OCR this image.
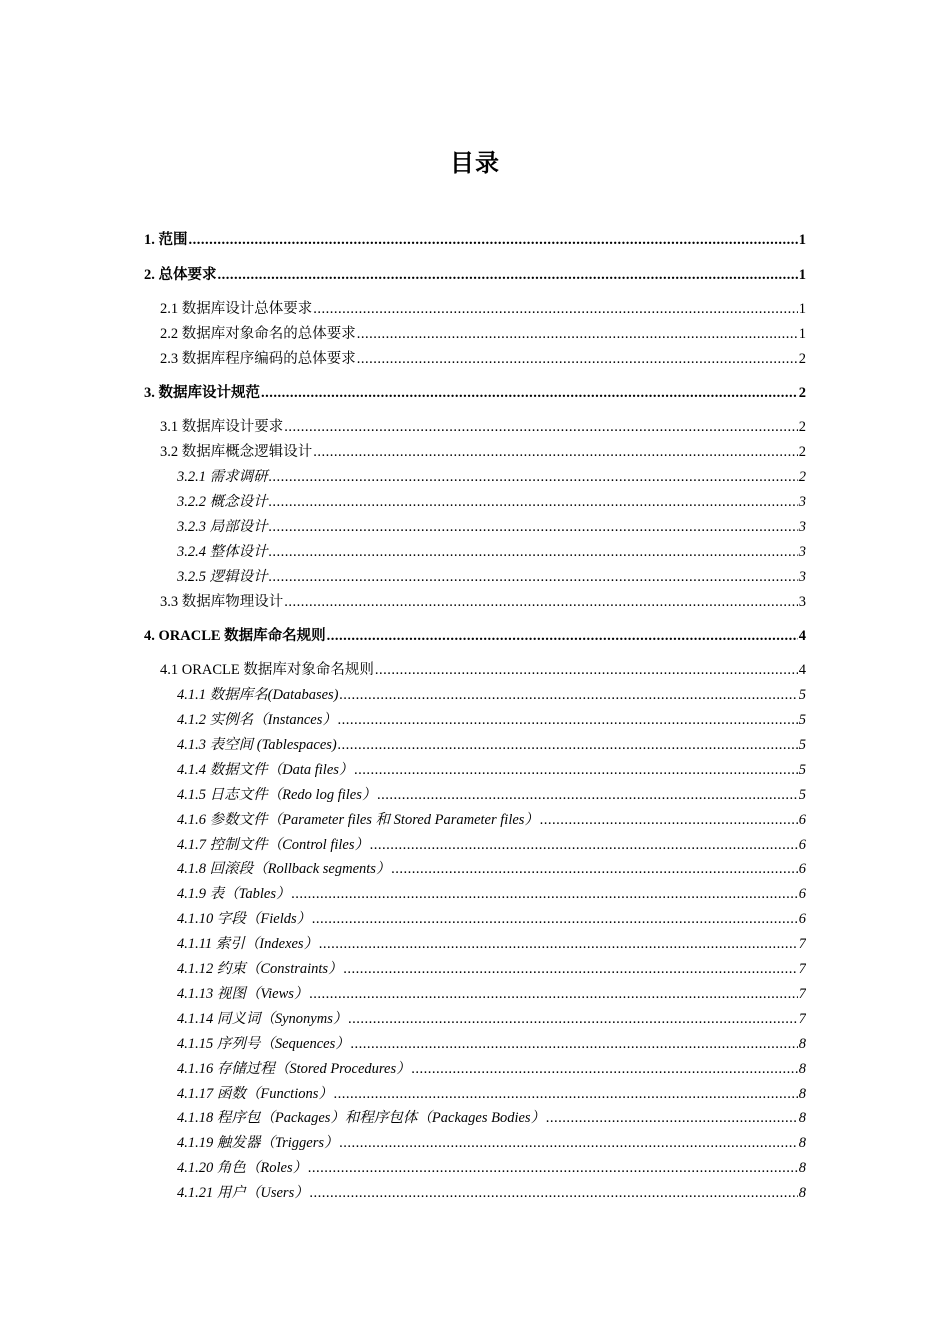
目录
1. 范围 .....	1
2. 总体要求 .....	1
2.1 数据库设计总体要求 .....	1
2.2 数据库对象命名的总体要求 .....	1
2.3 数据库程序编码的总体要求 .....	2
3. 数据库设计规范 .....	2
3.1 数据库设计要求 .....	2
3.2 数据库概念逻辑设计 .....	2
3.2.1 需求调研 .....	2
3.2.2 概念设计 .....	3
3.2.3 局部设计 .....	3
3.2.4 整体设计 .....	3
3.2.5 逻辑设计 .....	3
3.3 数据库物理设计 .....	3
4. ORACLE 数据库命名规则 .....	4
4.1 ORACLE 数据库对象命名规则 .....	4
4.1.1 数据库名(Databases) .....	5
4.1.2 实例名（Instances） .....	5
4.1.3 表空间 (Tablespaces) .....	5
4.1.4 数据文件（Data files） .....	5
4.1.5 日志文件（Redo log files） .....	5
4.1.6 参数文件（Parameter files 和 Stored Parameter files） .....	6
4.1.7 控制文件（Control files） .....	6
4.1.8 回滚段（Rollback segments） .....	6
4.1.9 表（Tables） .....	6
4.1.10 字段（Fields） .....	6
4.1.11 索引（Indexes） .....	7
4.1.12 约束（Constraints） .....	7
4.1.13 视图（Views） .....	7
4.1.14 同义词（Synonyms） .....	7
4.1.15 序列号（Sequences） .....	8
4.1.16 存储过程（Stored Procedures） .....	8
4.1.17 函数（Functions） .....	8
4.1.18 程序包（Packages）和程序包体（Packages Bodies） .....	8
4.1.19 触发器（Triggers） .....	8
4.1.20 角色（Roles） .....	8
4.1.21 用户（Users） .....	8
